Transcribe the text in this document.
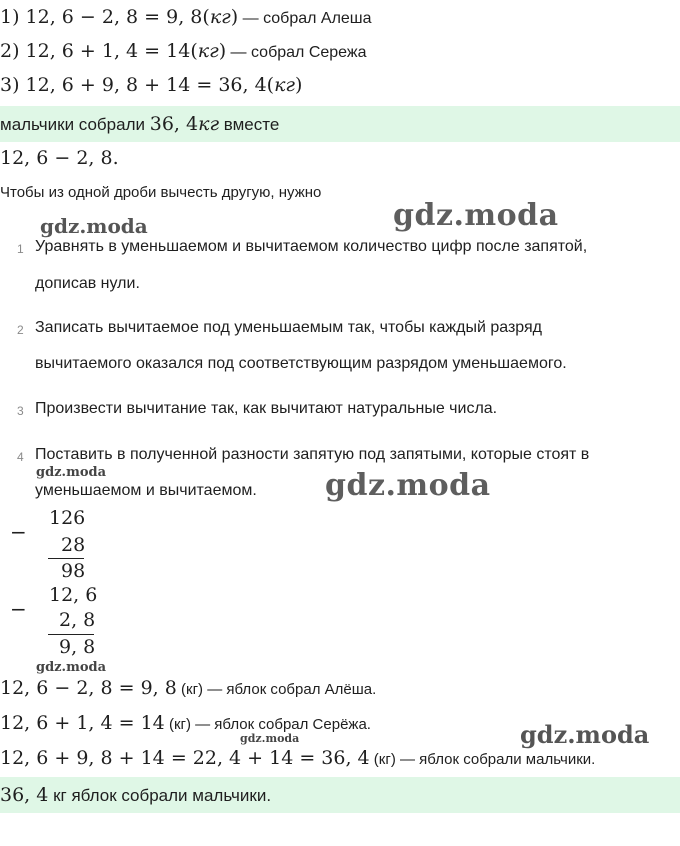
1) 12, 6 − 2, 8 = 9, 8(кг) — собрал Алеша
2) 12, 6 + 1, 4 = 14(кг) — собрал Сережа
3) 12, 6 + 9, 8 + 14 = 36, 4(кг)
мальчики собрали 36, 4кг вместе
12, 6 − 2, 8.
Чтобы из одной дроби вычесть другую, нужно
gdz.moda	gdz.moda
1 Уравнять в уменьшаемом и вычитаемом количество цифр после запятой,
дописав нули.
2 Записать вычитаемое под уменьшаемым так, чтобы каждый разряд
вычитаемого оказался под соответствующим разрядом уменьшаемого.
3 Произвести вычитание так, как вычитают натуральные числа.
4 Поставить в полученной разности запятую под запятыми, которые стоят в
уменьшаемом и вычитаемом.
gdz.moda	gdz.moda
−
126
28
98
−
12, 6
2, 8
9, 8
gdz.moda
12, 6 − 2, 8 = 9, 8 (кг) — яблок собрал Алёша.
12, 6 + 1, 4 = 14 (кг) — яблок собрал Серёжа.
gdz.moda	gdz.moda
12, 6 + 9, 8 + 14 = 22, 4 + 14 = 36, 4 (кг) — яблок собрали мальчики.
36, 4 кг яблок собрали мальчики.
